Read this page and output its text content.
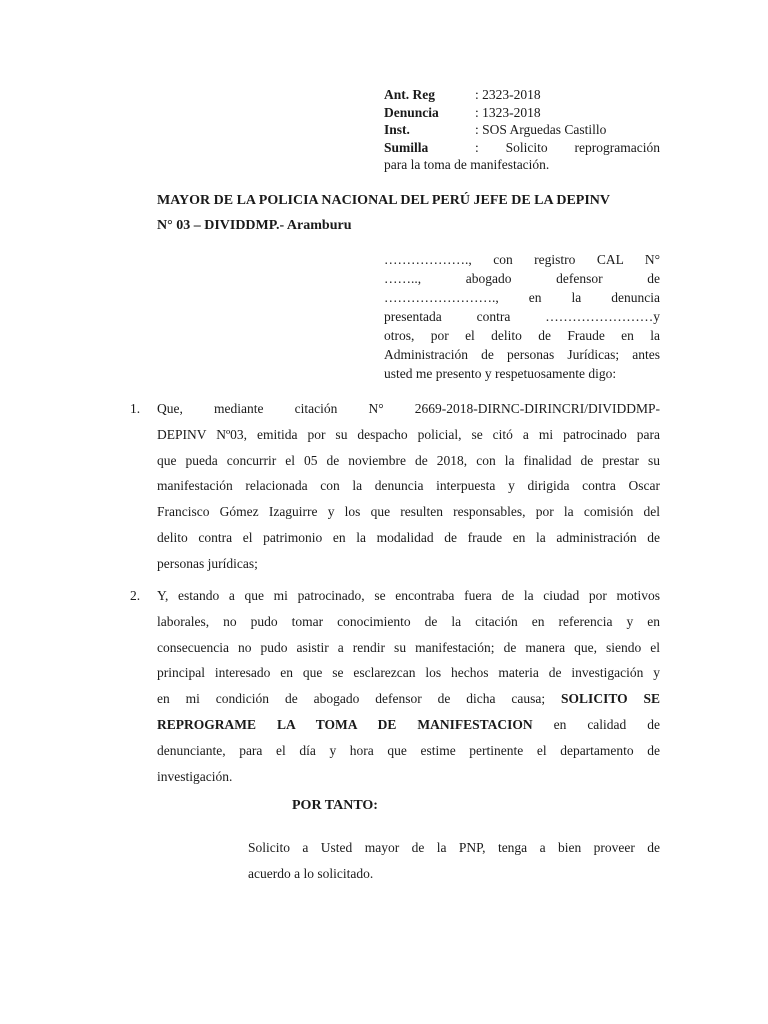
Ant. Reg	: 2323-2018
Denuncia	: 1323-2018
Inst.	: SOS Arguedas Castillo
Sumilla	: Solicito reprogramación
para la toma de manifestación.
MAYOR DE LA POLICIA NACIONAL DEL PERÚ JEFE DE LA DEPINV
N° 03 – DIVIDDMP.- Aramburu
………………., con registro CAL N°
…….., abogado defensor de
……………………., en la denuncia
presentada contra ……………………y
otros, por el delito de Fraude en la
Administración de personas Jurídicas; antes
usted me presento y respetuosamente digo:
1. Que, mediante citación N° 2669-2018-DIRNC-DIRINCRI/DIVIDDMP-
DEPINV Nº03, emitida por su despacho policial, se citó a mi patrocinado para
que pueda concurrir el 05 de noviembre de 2018, con la finalidad de prestar su
manifestación relacionada con la denuncia interpuesta y dirigida contra Oscar
Francisco Gómez Izaguirre y los que resulten responsables, por la comisión del
delito contra el patrimonio en la modalidad de fraude en la administración de
personas jurídicas;
2. Y, estando a que mi patrocinado, se encontraba fuera de la ciudad por motivos
laborales, no pudo tomar conocimiento de la citación en referencia y en
consecuencia no pudo asistir a rendir su manifestación; de manera que, siendo el
principal interesado en que se esclarezcan los hechos materia de investigación y
en mi condición de abogado defensor de dicha causa; SOLICITO SE
REPROGRAME LA TOMA DE MANIFESTACION en calidad de
denunciante, para el día y hora que estime pertinente el departamento de
investigación.
POR TANTO:
Solicito a Usted mayor de la PNP, tenga a bien proveer de
acuerdo a lo solicitado.
